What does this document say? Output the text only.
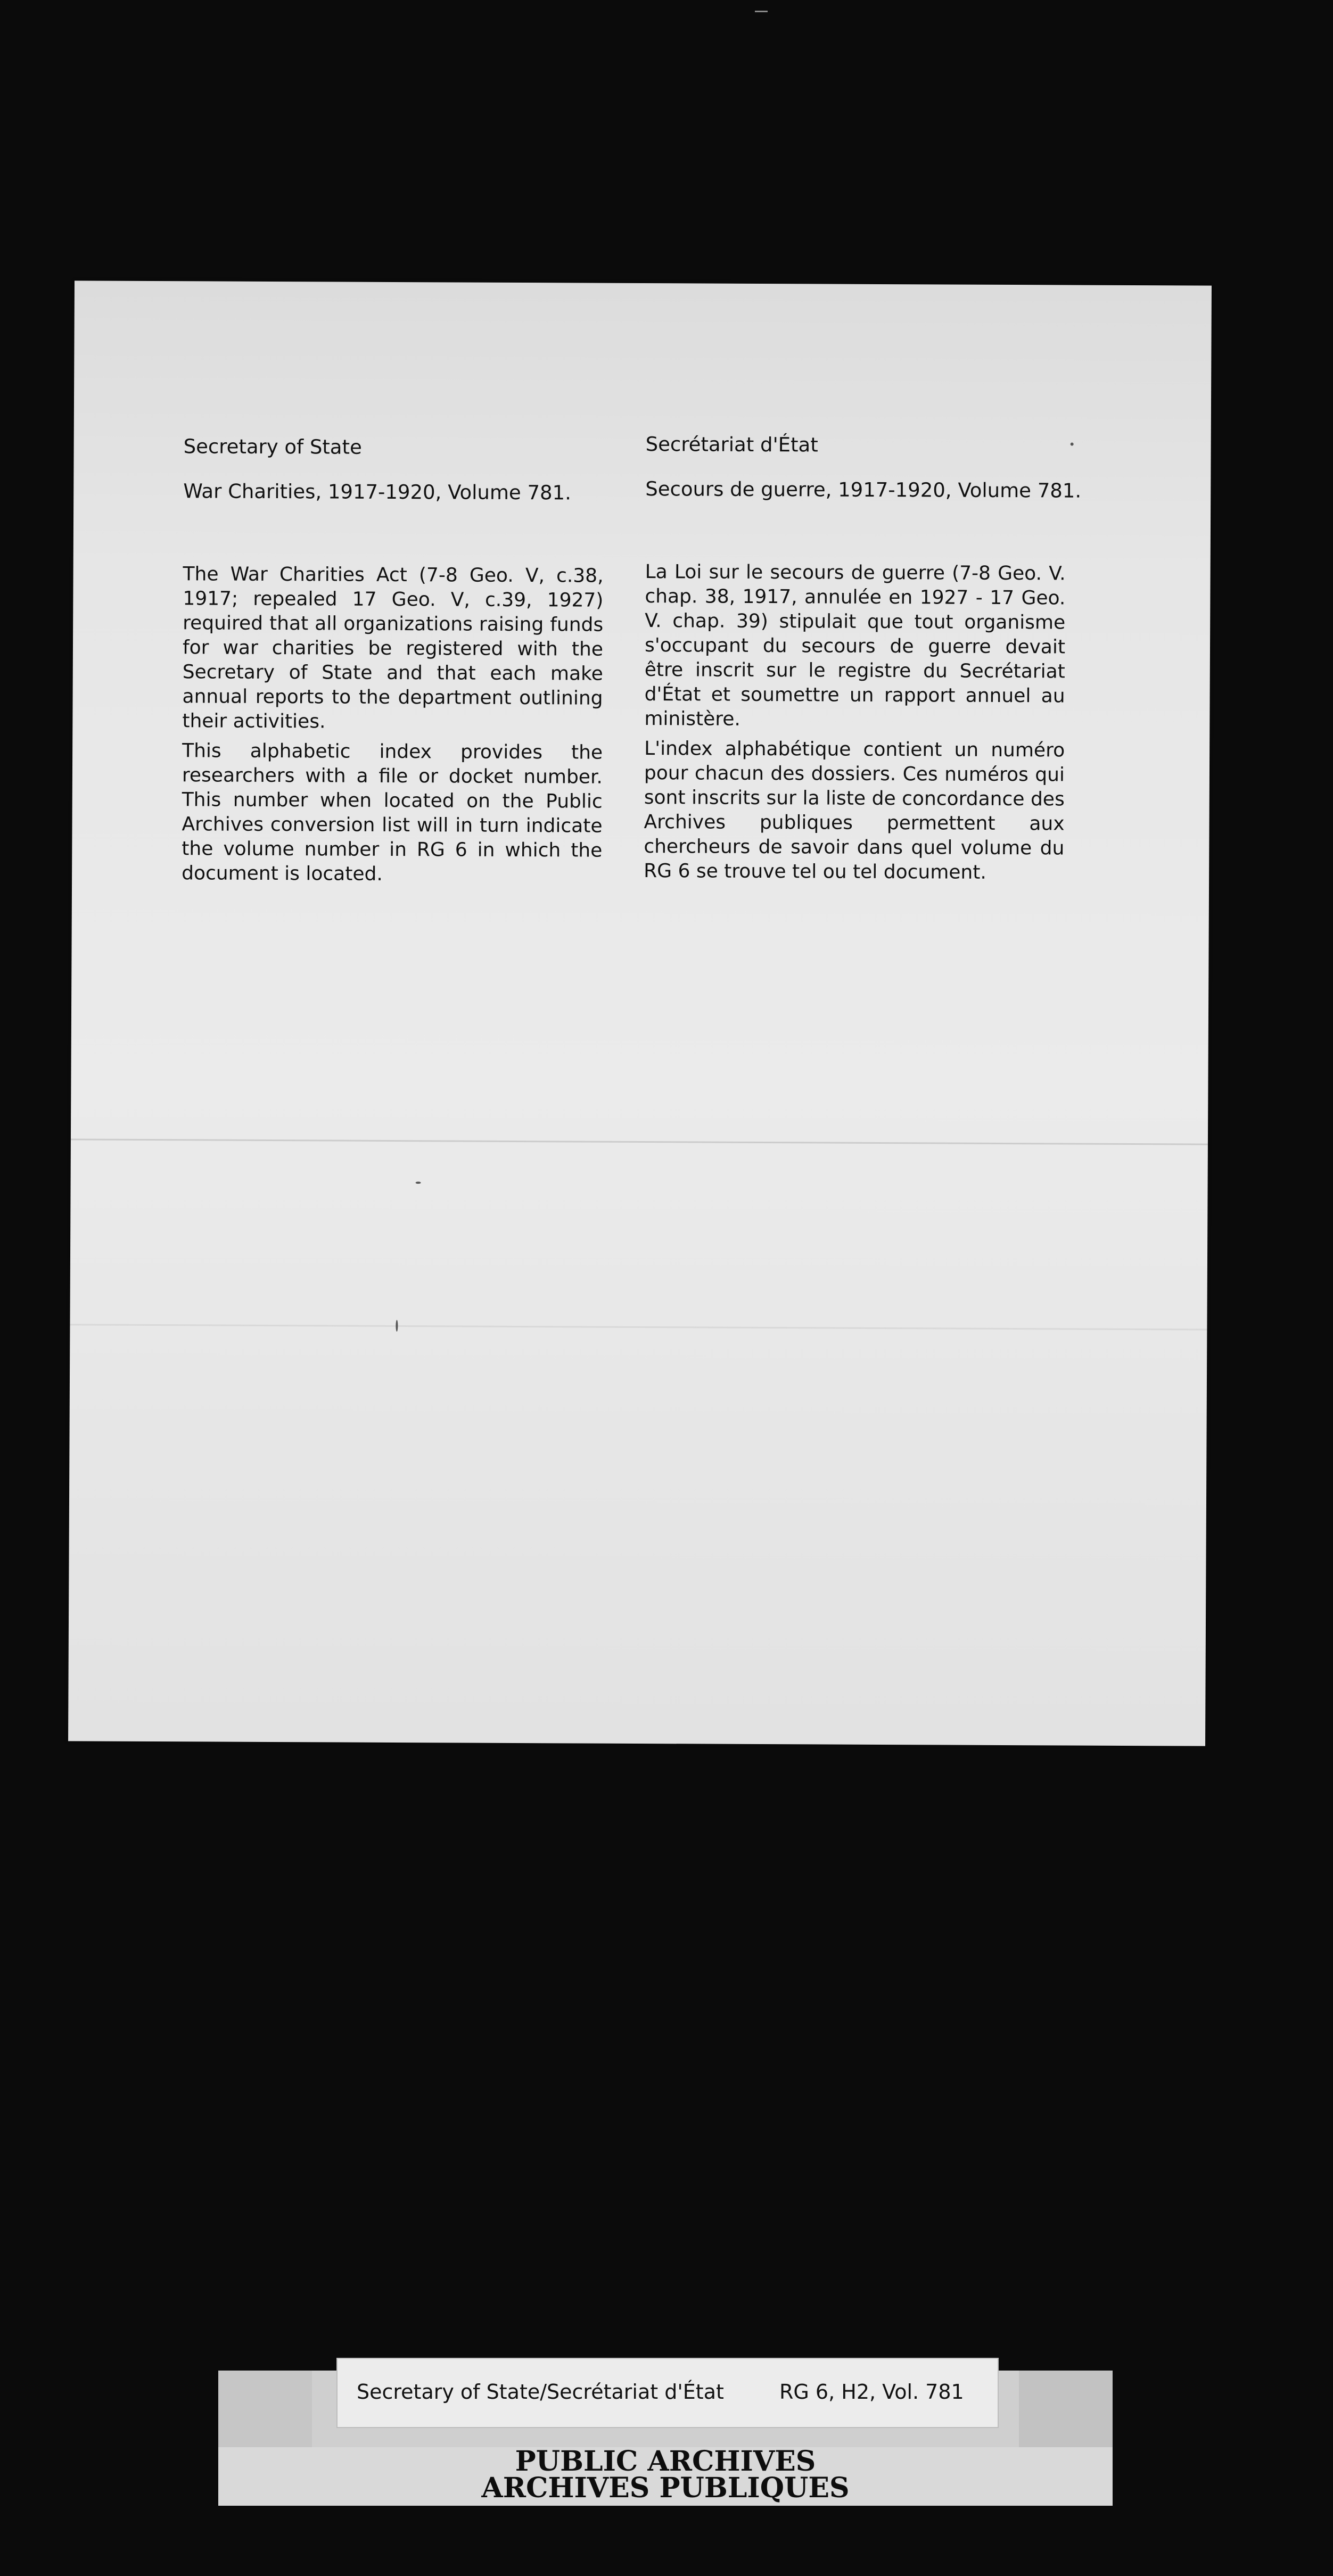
Secretary of State
War Charities, 1917-1920, Volume 781.
The War Charities Act (7-8 Geo. V, c.38, 1917; repealed 17 Geo. V, c.39, 1927) required that all organizations raising funds for war charities be registered with the Secretary of State and that each make annual reports to the department outlining their activities.
This alphabetic index provides the researchers with a file or docket number. This number when located on the Public Archives conversion list will in turn indicate the volume number in RG 6 in which the document is located.
Secrétariat d'État
Secours de guerre, 1917-1920, Volume 781.
La Loi sur le secours de guerre (7-8 Geo. V. chap. 38, 1917, annulée en 1927 - 17 Geo. V. chap. 39) stipulait que tout organisme s'occupant du secours de guerre devait être inscrit sur le registre du Secrétariat d'État et soumettre un rapport annuel au ministère.
L'index alphabétique contient un numéro pour chacun des dossiers. Ces numéros qui sont inscrits sur la liste de concordance des Archives publiques permettent aux chercheurs de savoir dans quel volume du RG 6 se trouve tel ou tel document.
Secretary of State/Secrétariat d'État	RG 6, H2, Vol. 781
PUBLIC ARCHIVES
ARCHIVES PUBLIQUES
